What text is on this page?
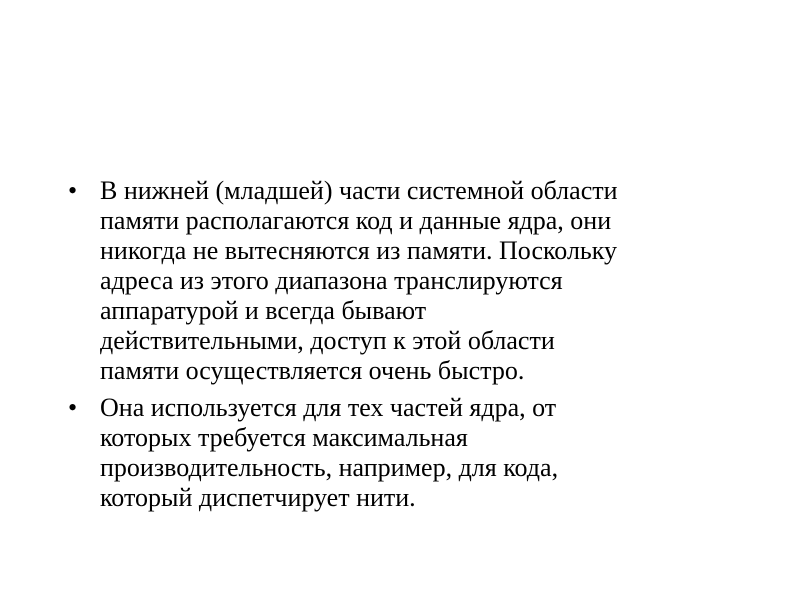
• В нижней (младшей) части системной области
памяти располагаются код и данные ядра, они
никогда не вытесняются из памяти. Поскольку
адреса из этого диапазона транслируются
аппаратурой и всегда бывают
действительными, доступ к этой области
памяти осуществляется очень быстро.
• Она используется для тех частей ядра, от
которых требуется максимальная
производительность, например, для кода,
который диспетчирует нити.
